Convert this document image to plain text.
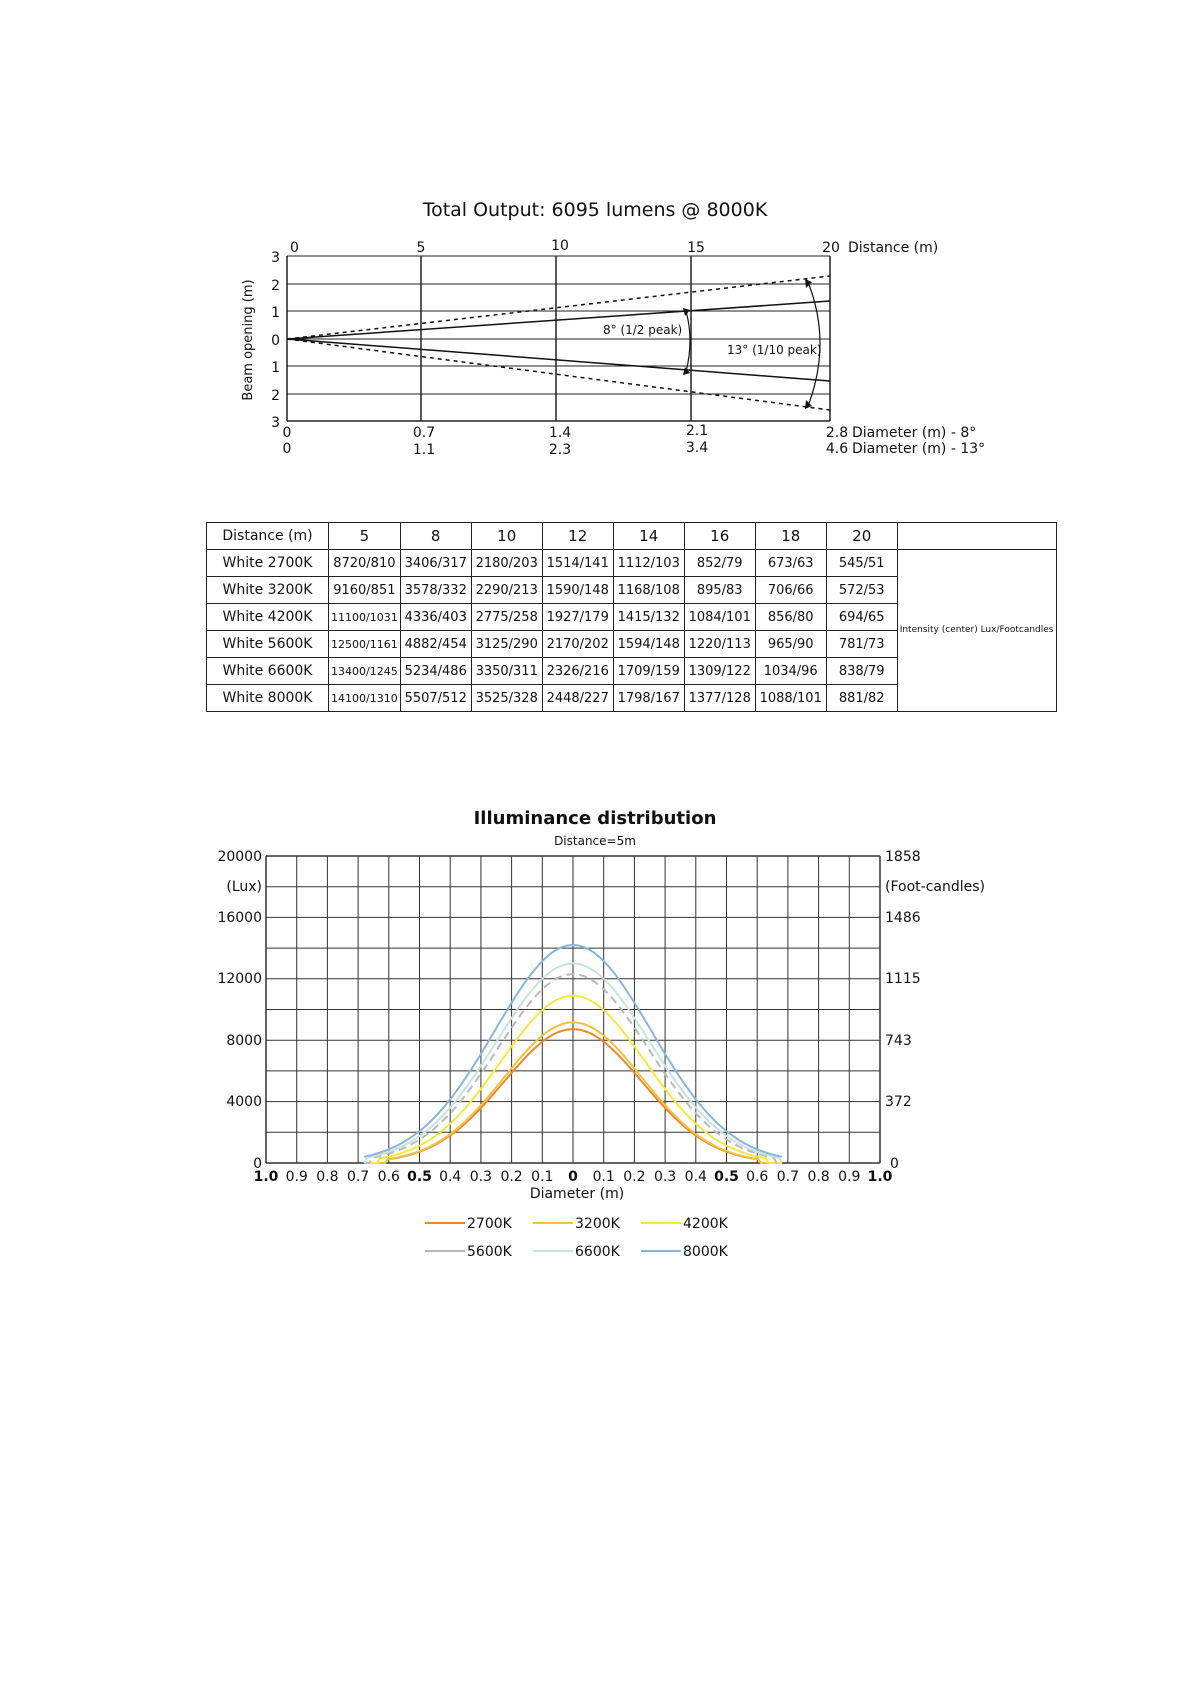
Total Output: 6095 lumens @ 8000K
8° (1/2 peak)
13° (1/10 peak)
0	5	10	15	20 Distance (m)
3
2
1
0
1
2
3
Beam opening (m)
0	0.7	1.4	2.1	2.8 Diameter (m) - 8°
0	1.1	2.3	3.4	4.6 Diameter (m) - 13°
Distance (m)	5	8	10	12	14	16	18	20	
White 2700K	8720/810	3406/317	2180/203	1514/141	1112/103	852/79	673/63	545/51	Intensity (center) Lux/Footcandles
White 3200K	9160/851	3578/332	2290/213	1590/148	1168/108	895/83	706/66	572/53	
White 4200K	11100/1031	4336/403	2775/258	1927/179	1415/132	1084/101	856/80	694/65	
White 5600K	12500/1161	4882/454	3125/290	2170/202	1594/148	1220/113	965/90	781/73	
White 6600K	13400/1245	5234/486	3350/311	2326/216	1709/159	1309/122	1034/96	838/79	
White 8000K	14100/1310	5507/512	3525/328	2448/227	1798/167	1377/128	1088/101	881/82	
Illuminance distribution
Distance=5m
1.0 0.9 0.8 0.7 0.6 0.5 0.4 0.3 0.2 0.1 0 0.1 0.2 0.3 0.4 0.5 0.6 0.7 0.8 0.9 1.0
20000
(Lux)
16000
12000
8000
4000
0
1858
(Foot-candles)
1486
1115
743
372
0
Diameter (m)
2700K	3200K	4200K
5600K	6600K	8000K
